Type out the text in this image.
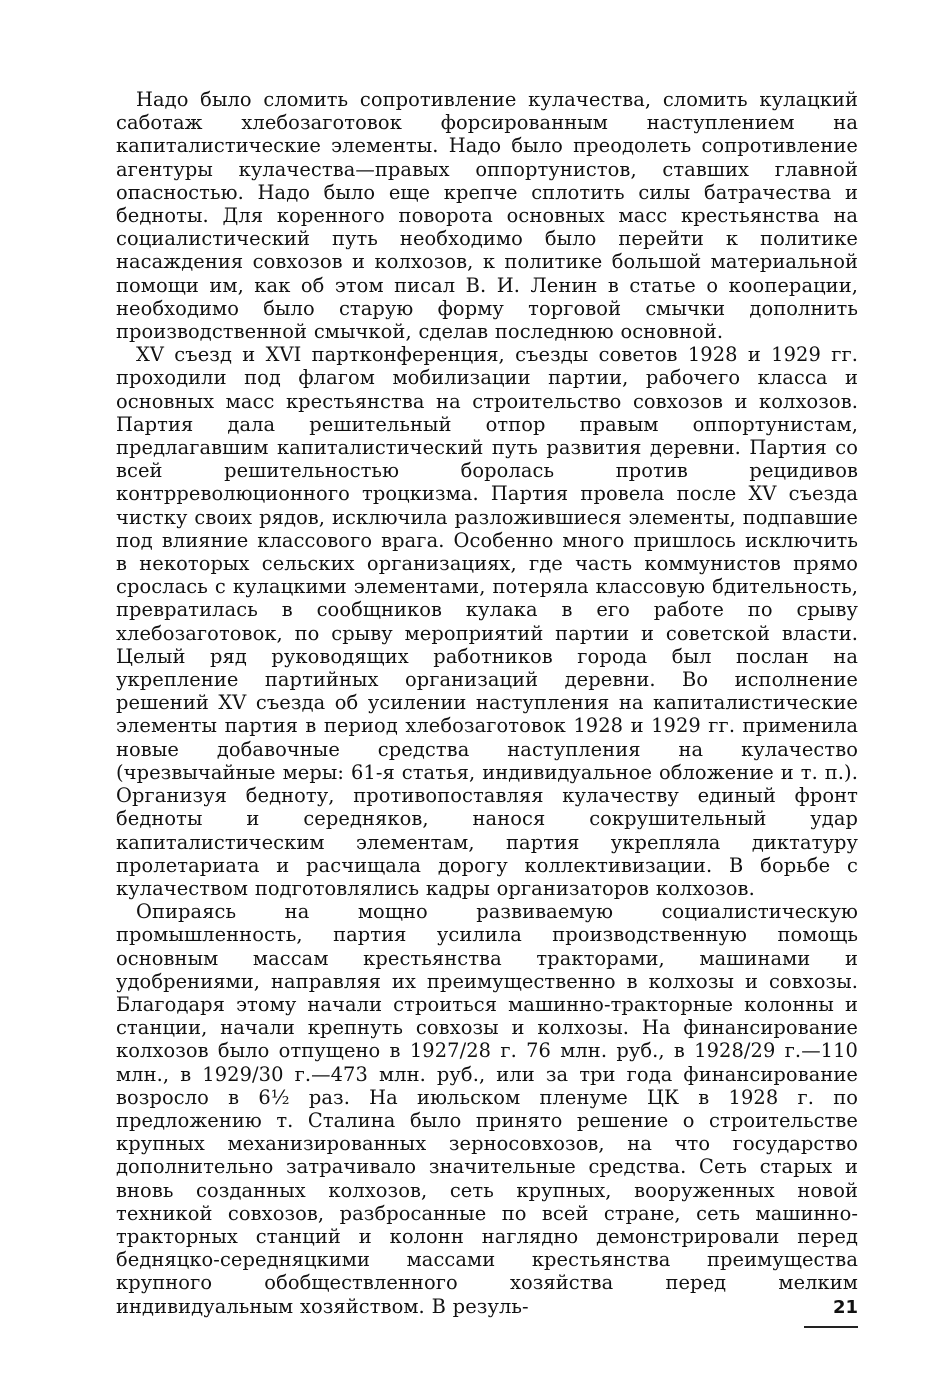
Надо было сломить сопротивление кулачества, сломить кулацкий саботаж хлебозаготовок форсированным наступлением на капиталистические элементы. Надо было преодолеть сопротивление агентуры кулачества—правых оппортунистов, ставших главной опасностью. Надо было еще крепче сплотить силы батрачества и бедноты. Для коренного поворота основных масс крестьянства на социалистический путь необходимо было перейти к политике насаждения совхозов и колхозов, к политике большой материальной помощи им, как об этом писал В. И. Ленин в статье о кооперации, необходимо было старую форму торговой смычки дополнить производственной смычкой, сделав последнюю основной.

XV съезд и XVI партконференция, съезды советов 1928 и 1929 гг. проходили под флагом мобилизации партии, рабочего класса и основных масс крестьянства на строительство совхозов и колхозов. Партия дала решительный отпор правым оппортунистам, предлагавшим капиталистический путь развития деревни. Партия со всей решительностью боролась против рецидивов контрреволюционного троцкизма. Партия провела после XV съезда чистку своих рядов, исключила разложившиеся элементы, подпавшие под влияние классового врага. Особенно много пришлось исключить в некоторых сельских организациях, где часть коммунистов прямо срослась с кулацкими элементами, потеряла классовую бдительность, превратилась в сообщников кулака в его работе по срыву хлебозаготовок, по срыву мероприятий партии и советской власти. Целый ряд руководящих работников города был послан на укрепление партийных организаций деревни. Во исполнение решений XV съезда об усилении наступления на капиталистические элементы партия в период хлебозаготовок 1928 и 1929 гг. применила новые добавочные средства наступления на кулачество (чрезвычайные меры: 61-я статья, индивидуальное обложение и т. п.). Организуя бедноту, противопоставляя кулачеству единый фронт бедноты и середняков, нанося сокрушительный удар капиталистическим элементам, партия укрепляла диктатуру пролетариата и расчищала дорогу коллективизации. В борьбе с кулачеством подготовлялись кадры организаторов колхозов.

Опираясь на мощно развиваемую социалистическую промышленность, партия усилила производственную помощь основным массам крестьянства тракторами, машинами и удобрениями, направляя их преимущественно в колхозы и совхозы. Благодаря этому начали строиться машинно-тракторные колонны и станции, начали крепнуть совхозы и колхозы. На финансирование колхозов было отпущено в 1927/28 г. 76 млн. руб., в 1928/29 г.—110 млн., в 1929/30 г.—473 млн. руб., или за три года финансирование возросло в 6½ раз. На июльском пленуме ЦК в 1928 г. по предложению т. Сталина было принято решение о строительстве крупных механизированных зерносовхозов, на что государство дополнительно затрачивало значительные средства. Сеть старых и вновь созданных колхозов, сеть крупных, вооруженных новой техникой совхозов, разбросанные по всей стране, сеть машинно-тракторных станций и колонн наглядно демонстрировали перед бедняцко-середняцкими массами крестьянства преимущества крупного обобществленного хозяйства перед мелким индивидуальным хозяйством. В резуль-	21
